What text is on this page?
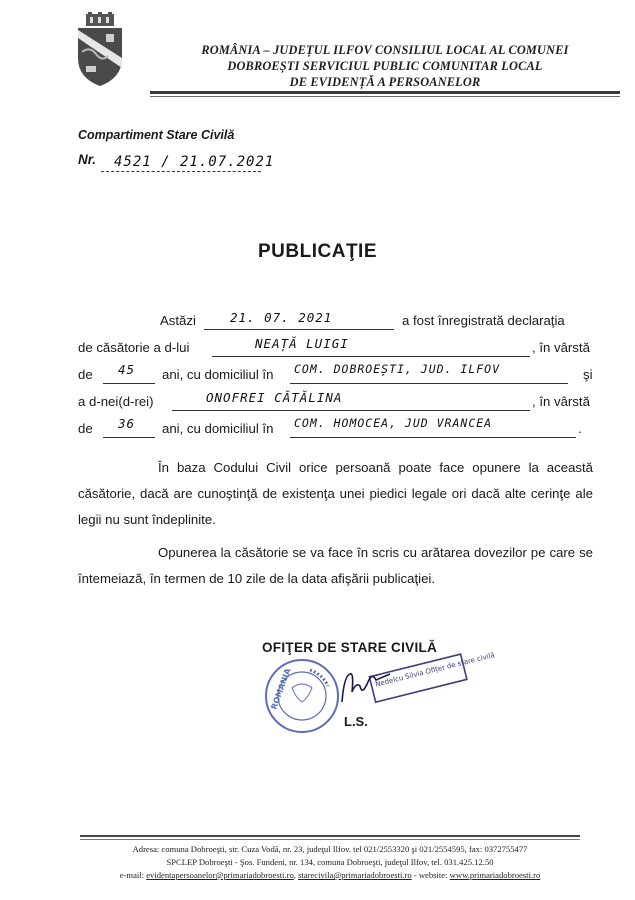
ROMÂNIA – JUDEȚUL ILFOV CONSILIUL LOCAL AL COMUNEI
DOBROEȘTI SERVICIUL PUBLIC COMUNITAR LOCAL
DE EVIDENȚĂ A PERSOANELOR
Compartiment Stare Civilă
Nr. 4521 / 21.07.2021
PUBLICAŢIE
Astăzi	21. 07. 2021	a fost înregistrată declaraţia
de căsătorie a d-lui	NEAȚĂ LUIGI	, în vârstă
de 45 ani, cu domiciliul în COM. DOBROEȘTI, JUD. ILFOV	şi
a d-nei(d-rei)	ONOFREI CĂTĂLINA	, în vârstă
de 36 ani, cu domiciliul în COM. HOMOCEA, JUD VRANCEA	.

În baza Codului Civil orice persoană poate face opunere la această căsătorie, dacă are cunoştinţă de existenţa unei piedici legale ori dacă alte cerinţe ale legii nu sunt îndeplinite.

Opunerea la căsătorie se va face în scris cu arătarea dovezilor pe care se întemeiază, în termen de 10 zile de la data afişării publicaţiei.

OFIŢER DE STARE CIVILĂ
ROMANIA	Nedelcu Silvia Ofițer de stare civilă
L.S.
Adresa: comuna Dobroeşti, str. Cuza Vodă, nr. 23, judeţul Ilfov. tel 021/2553320 şi 021/2554595, fax: 0372755477
SPCLEP Dobroeşti - Şos. Fundeni, nr. 134, comuna Dobroeşti, judeţul Ilfov, tel. 031.425.12.50
e-mail: evidentapersoanelor@primariadobroesti.ro, starecivila@primariadobroesti.ro - website: www.primariadobroesti.ro
